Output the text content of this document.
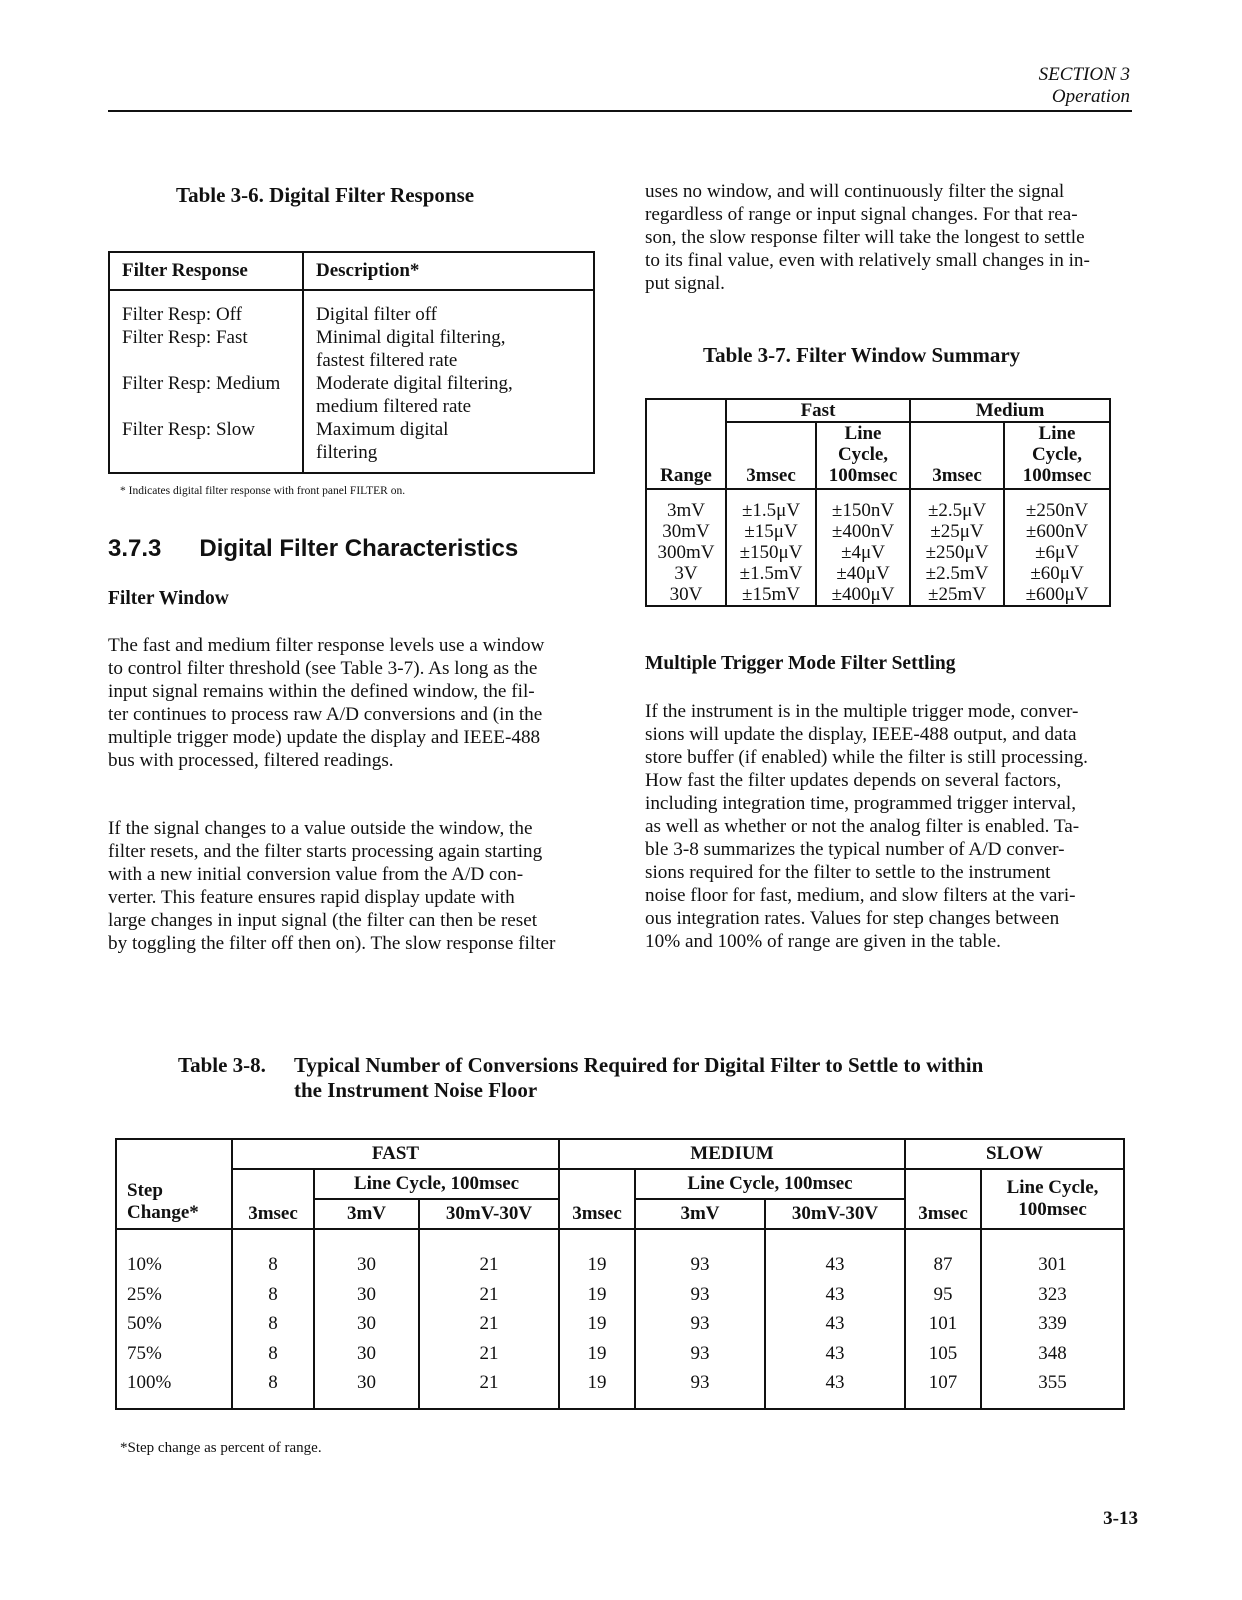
SECTION 3
Operation
Table 3-6. Digital Filter Response
Filter Response	Description*
Filter Resp: Off	Digital filter off

Filter Resp: Fast	Minimal digital filtering,
fastest filtered rate

Filter Resp: Medium	Moderate digital filtering,
medium filtered rate

Filter Resp: Slow	Maximum digital
filtering
* Indicates digital filter response with front panel FILTER on.
3.7.3 Digital Filter Characteristics
Filter Window

The fast and medium filter response levels use a window

to control filter threshold (see Table 3-7). As long as the

input signal remains within the defined window, the fil-

ter continues to process raw A/D conversions and (in the

multiple trigger mode) update the display and IEEE-488

bus with processed, filtered readings.

If the signal changes to a value outside the window, the

filter resets, and the filter starts processing again starting

with a new initial conversion value from the A/D con-

verter. This feature ensures rapid display update with

large changes in input signal (the filter can then be reset

by toggling the filter off then on). The slow response filter

uses no window, and will continuously filter the signal

regardless of range or input signal changes. For that rea-

son, the slow response filter will take the longest to settle

to its final value, even with relatively small changes in in-

put signal.

Table 3-7. Filter Window Summary
Range	Fast		Medium	
	3msec	Line	3msec	Line
		Cycle,		Cycle,
		100msec		100msec

3mV	±1.5μV	±150nV	±2.5μV	±250nV
30mV	±15μV	±400nV	±25μV	±600nV
300mV	±150μV	±4μV	±250μV	±6μV
3V	±1.5mV	±40μV	±2.5mV	±60μV
30V	±15mV	±400μV	±25mV	±600μV
Multiple Trigger Mode Filter Settling

If the instrument is in the multiple trigger mode, conver-

sions will update the display, IEEE-488 output, and data

store buffer (if enabled) while the filter is still processing.

How fast the filter updates depends on several factors,

including integration time, programmed trigger interval,

as well as whether or not the analog filter is enabled. Ta-

ble 3-8 summarizes the typical number of A/D conver-

sions required for the filter to settle to the instrument

noise floor for fast, medium, and slow filters at the vari-

ous integration rates. Values for step changes between

10% and 100% of range are given in the table.

Table 3-8. Typical Number of Conversions Required for Digital Filter to Settle to within
the Instrument Noise Floor
Step
Change*	FAST			MEDIUM			SLOW	
	3msec	Line Cycle, 100msec		3msec	Line Cycle, 100msec		3msec	Line Cycle,
100msec

		3mV	30mV-30V		3mV	30mV-30V		

10%	8	30	21	19	93	43	87	301
25%	8	30	21	19	93	43	95	323
50%	8	30	21	19	93	43	101	339
75%	8	30	21	19	93	43	105	348
100%	8	30	21	19	93	43	107	355

*Step change as percent of range.
3-13
